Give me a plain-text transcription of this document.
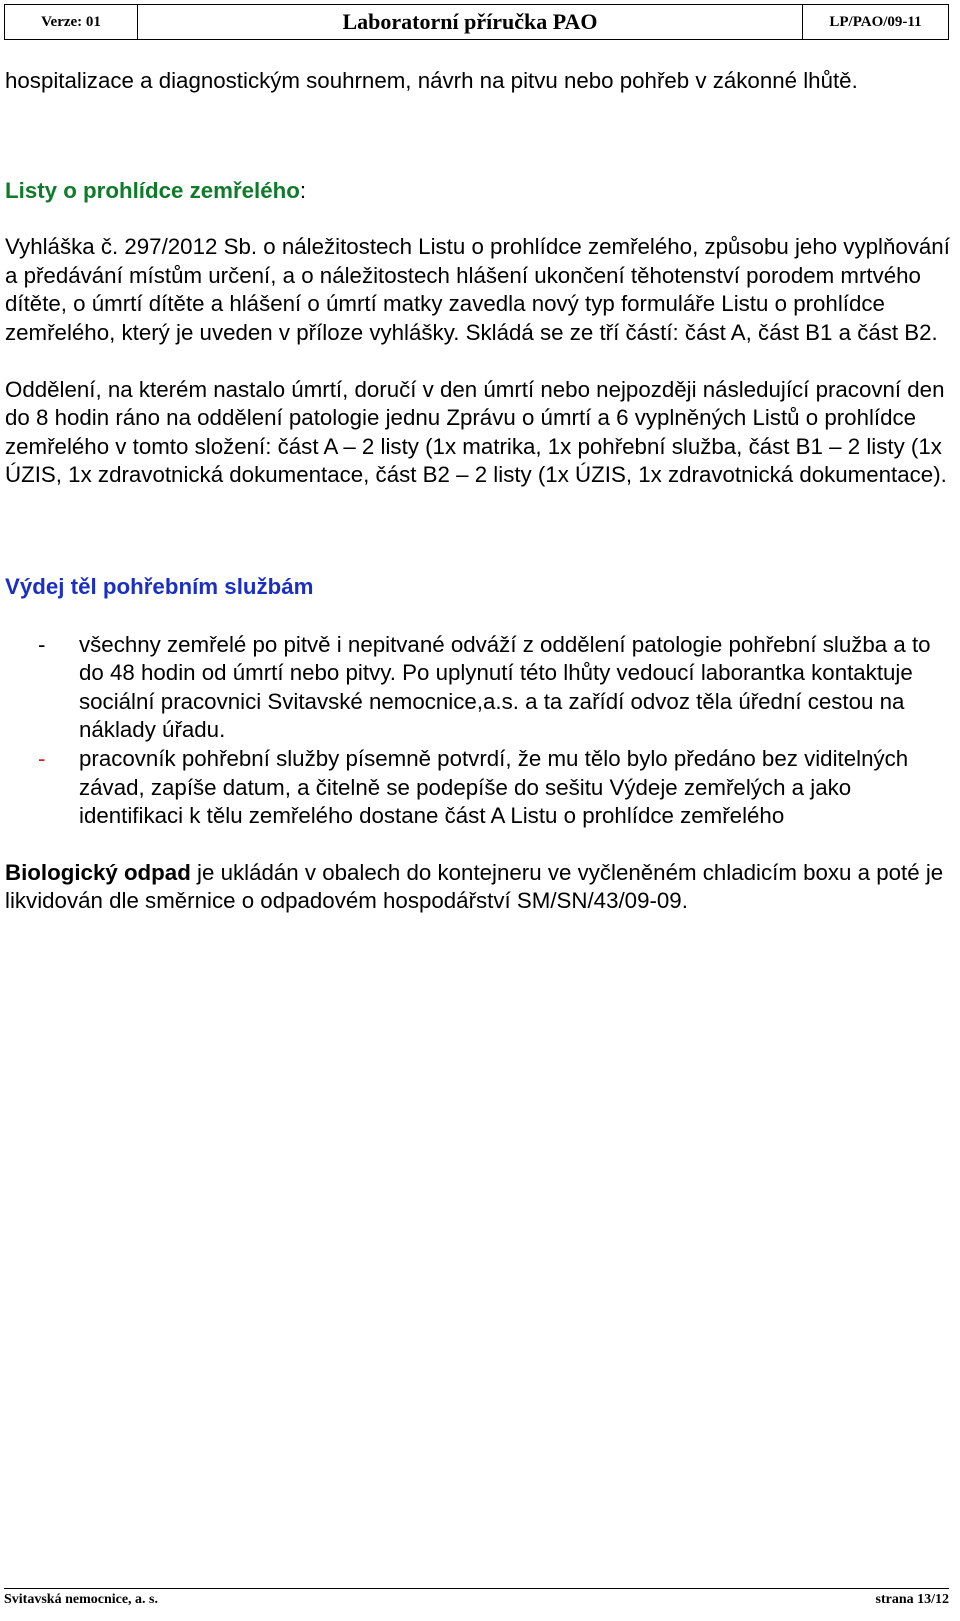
Verze: 01	Laboratorní příručka PAO	LP/PAO/09-11

hospitalizace a diagnostickým souhrnem, návrh na pitvu nebo pohřeb v zákonné lhůtě.

Listy o prohlídce zemřelého:

Vyhláška č. 297/2012 Sb. o náležitostech Listu o prohlídce zemřelého, způsobu jeho vyplňování a předávání místům určení, a o náležitostech hlášení ukončení těhotenství porodem mrtvého dítěte, o úmrtí dítěte a hlášení o úmrtí matky zavedla nový typ formuláře Listu o prohlídce zemřelého, který je uveden v příloze vyhlášky. Skládá se ze tří částí: část A, část B1 a část B2.

Oddělení, na kterém nastalo úmrtí, doručí v den úmrtí nebo nejpozději následující pracovní den do 8 hodin ráno na oddělení patologie jednu Zprávu o úmrtí a 6 vyplněných Listů o prohlídce zemřelého v tomto složení: část A – 2 listy (1x matrika, 1x pohřební služba, část B1 – 2 listy (1x ÚZIS, 1x zdravotnická dokumentace, část B2 – 2 listy (1x ÚZIS, 1x zdravotnická dokumentace).

Výdej těl pohřebním službám

- všechny zemřelé po pitvě i nepitvané odváží z oddělení patologie pohřební služba a to do 48 hodin od úmrtí nebo pitvy. Po uplynutí této lhůty vedoucí laborantka kontaktuje sociální pracovnici Svitavské nemocnice,a.s. a ta zařídí odvoz těla úřední cestou na náklady úřadu.
- pracovník pohřební služby písemně potvrdí, že mu tělo bylo předáno bez viditelných závad, zapíše datum, a čitelně se podepíše do sešitu Výdeje zemřelých a jako identifikaci k tělu zemřelého dostane část A Listu o prohlídce zemřelého

Biologický odpad je ukládán v obalech do kontejneru ve vyčleněném chladicím boxu a poté je likvidován dle směrnice o odpadovém hospodářství SM/SN/43/09-09.

Svitavská nemocnice, a. s.	strana 13/12
